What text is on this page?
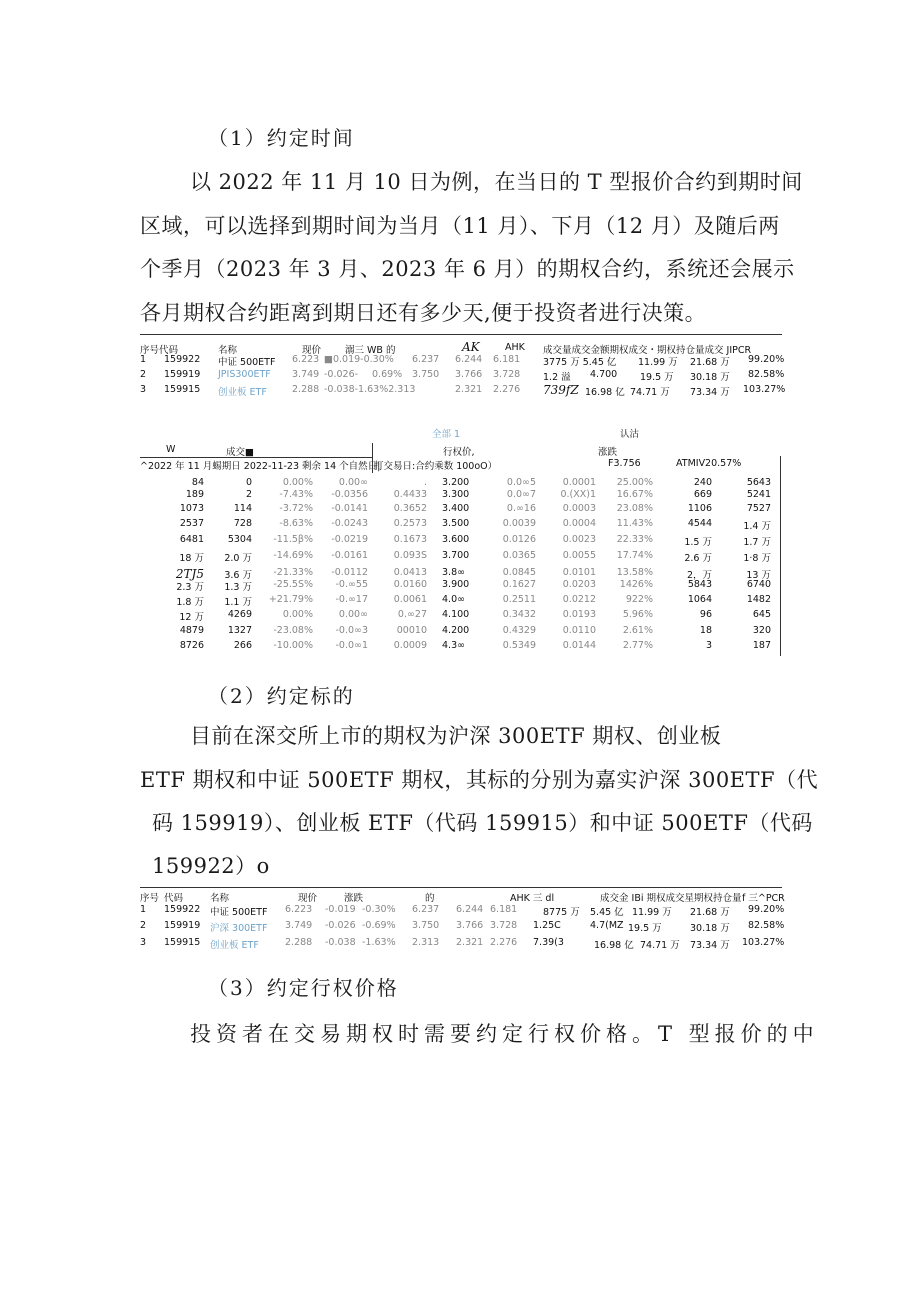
（1）约定时间
以 2022 年 11 月 10 日为例，在当日的 T 型报价合约到期时间
区域，可以选择到期时间为当月（11 月）、下月（12 月）及随后两
个季月（2023 年 3 月、2023 年 6 月）的期权合约，系统还会展示
各月期权合约距离到期日还有多少天,便于投资者进行决策。
序号代码	名称	现价	溺三 WB 的	AK	AHK 成交量成交金额期权成交・期权持仓量成交 JIPCR
1 159922 中证 500ETF 6.223 ■0.019-0.30% 6.237 6.244 6.181 3775 万 5.45 亿 11.99 万 21.68 万 99.20%
2 159919 JPIS300ETF 3.749 -0.026- 0.69% 3.750 3.766 3.728 1.2 溢 4.700 19.5 万 30.18 万 82.58%
3 159915 创业板 ETF	2.288 -0.038-1.63%2.313	2.321 2.276 739fZ 16.98 亿 74.71 万 73.34 万 103.27%
全部 1	认沽
W	成交■	行权价,	涨跌
^2022 年 11 月蜴期日 2022-11-23 剩余 14 个自然日|
打交易日:合约乘数 100oO）	F3.756	ATMIV20.57%
84	0	0.00%	0.00∞	. 3.200	0.0∞5	0.0001 25.00%	240	5643
189	2	-7.43% -0.0356	0.4433 3.300	0.0∞7	0.(XX)1 16.67%	669	5241
1073	114	-3.72% -0.0141	0.3652 3.400	0.∞16	0.0003 23.08%	1106	7527
2537	728	-8.63% -0.0243	0.2573 3.500	0.0039	0.0004 11.43%	4544	1.4 万
6481	5304 -11.5β% -0.0219	0.1673 3.600	0.0126	0.0023 22.33%	1.5 万	1.7 万
18 万 2.0 万 -14.69% -0.0161	0.093S 3.700	0.0365	0.0055 17.74%	2.6 万	1·8 万
2TJ5 3.6 万 -21.33% -0.0112	0.0413 3.8∞	0.0845	0.0101 13.58%	2，万	13 万
2.3 万 1.3 万 -25.5S% -0.∞55	0.0160 3.900	0.1627	0.0203	1426%	5843	6740
1.8 万 1.1 万 +21.79% -0.∞17	0.0061 4.0∞	0.2511	0.0212	922%	1064	1482
12 万	4269	0.00%	0.00∞	0.∞27 4.100	0.3432	0.0193	5.96%	96	645
4879	1327 -23.08% -0.0∞3	00010 4.200	0.4329	0.0110	2.61%	18	320
8726	266 -10.00% -0.0∞1	0.0009 4.3∞	0.5349	0.0144	2.77%	3	187
（2）约定标的
目前在深交所上市的期权为沪深 300ETF 期权、创业板
ETF 期权和中证 500ETF 期权，其标的分别为嘉实沪深 300ETF（代
码 159919）、创业板 ETF（代码 159915）和中证 500ETF（代码
159922）o
序号 代码	名称	现价	涨跌	的	AHK 三 dl	成交金 IBi 期权成交星期权持仓量 f 三^PCR
1 159922 中证 500ETF 6.223 -0.019 -0.30% 6.237 6.244 6.181	8775 万 5.45 亿 11.99 万 21.68 万 99.20%
2 159919 沪深 300ETF 3.749 -0.026 -0.69% 3.750 3.766 3.728 1.25C	4.7(MZ 19.5 万	30.18 万 82.58%
3 159915 创业板 ETF	2.288 -0.038 -1.63% 2.313 2.321 2.276 7.39(3	16.98 亿 74.71 万 73.34 万 103.27%
（3）约定行权价格
投资者在交易期权时需要约定行权价格。T 型报价的中
